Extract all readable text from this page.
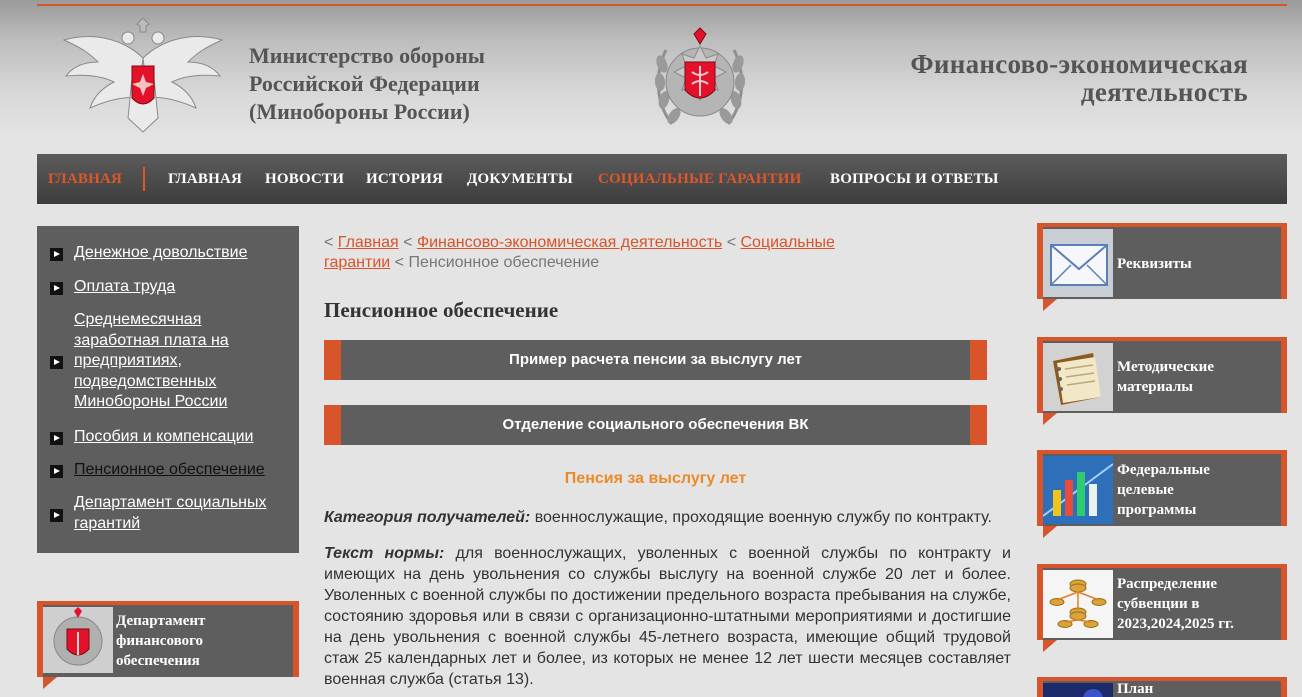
Министерство обороны
Российской Федерации
(Минобороны России)
Финансово-экономическая
деятельность
ГЛАВНАЯ	ГЛАВНАЯ НОВОСТИ ИСТОРИЯ ДОКУМЕНТЫ СОЦИАЛЬНЫЕ ГАРАНТИИ ВОПРОСЫ И ОТВЕТЫ
Денежное довольствие
Оплата труда
Среднемесячная заработная плата на предприятиях, подведомственных Минобороны России
Пособия и компенсации
Пенсионное обеспечение
Департамент социальных гарантий
Департамент
финансового
обеспечения
< Главная < Финансово-экономическая деятельность < Социальные
гарантии < Пенсионное обеспечение
Пенсионное обеспечение
Пример расчета пенсии за выслугу лет
Отделение социального обеспечения ВК
Пенсия за выслугу лет

Категория получателей: военнослужащие, проходящие военную службу по контракту.

Текст нормы: для военнослужащих, уволенных с военной службы по контракту и имеющих на день увольнения со службы выслугу на военной службе 20 лет и более. Уволенных с военной службы по достижении предельного возраста пребывания на службе, состоянию здоровья или в связи с организационно-штатными мероприятиями и достигшие на день увольнения с военной службы 45-летнего возраста, имеющие общий трудовой стаж 25 календарных лет и более, из которых не менее 12 лет шести месяцев составляет военная служба (статья 13).

Реквизиты
Методические
материалы
Федеральные
целевые
программы
Распределение
субвенции в
2023,2024,2025 гг.
План
